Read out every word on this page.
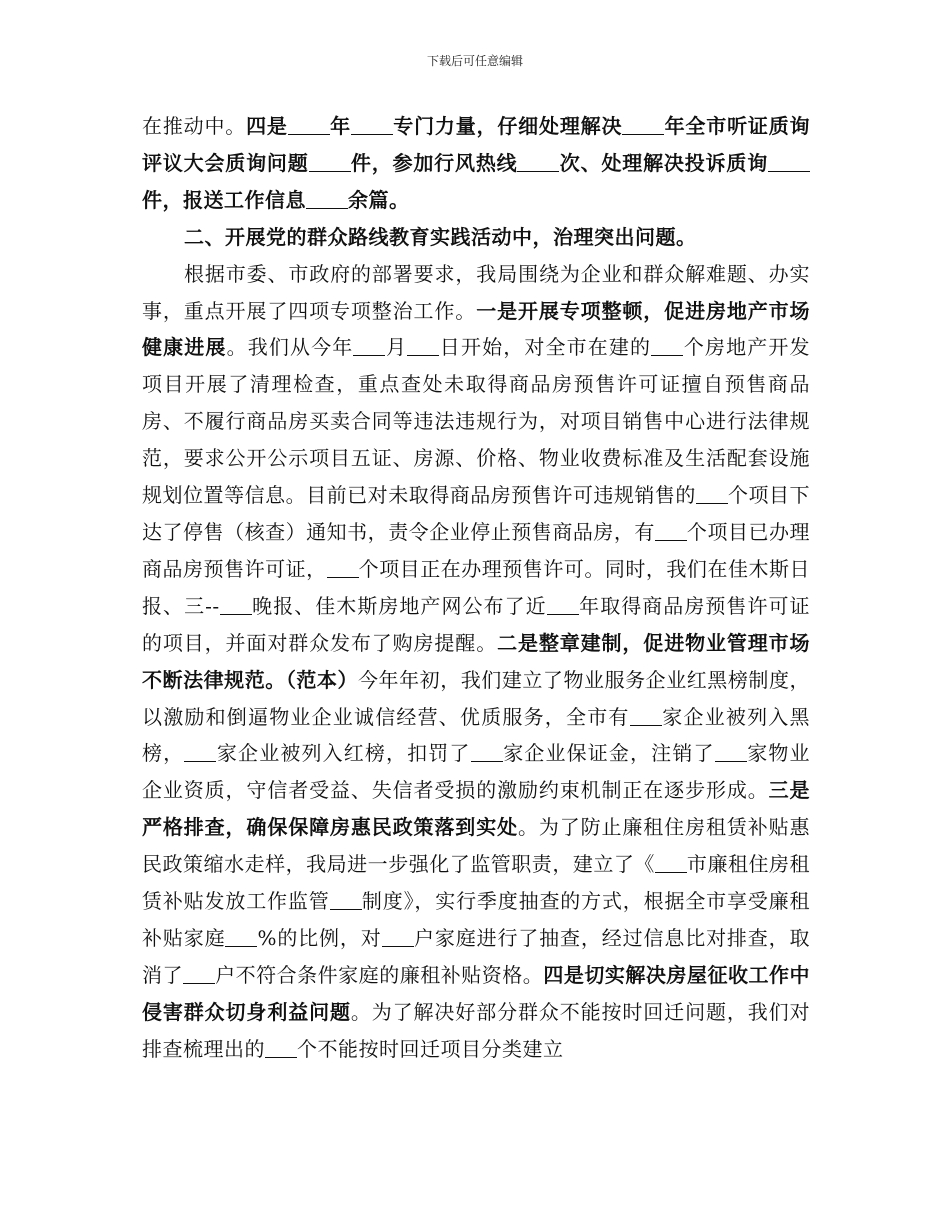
下载后可任意编辑

在推动中。四是 年 专门力量，仔细处理解决 年全市听证质询评议大会质询问题 件，参加行风热线 次、处理解决投诉质询件，报送工作信息 余篇。

二、开展党的群众路线教育实践活动中，治理突出问题。

根据市委、市政府的部署要求，我局围绕为企业和群众解难题、办实事，重点开展了四项专项整治工作。一是开展专项整顿，促进房地产市场健康进展。我们从今年 月 日开始，对全市在建的 个房地产开发项目开展了清理检查，重点查处未取得商品房预售许可证擅自预售商品房、不履行商品房买卖合同等违法违规行为，对项目销售中心进行法律规范，要求公开公示项目五证、房源、价格、物业收费标准及生活配套设施规划位置等信息。目前已对未取得商品房预售许可违规销售的 个项目下达了停售（核查）通知书，责令企业停止预售商品房，有 个项目已办理商品房预售许可证， 个项目正在办理预售许可。同时，我们在佳木斯日报、三-- 晚报、佳木斯房地产网公布了近 年取得商品房预售许可证的项目，并面对群众发布了购房提醒。二是整章建制，促进物业管理市场不断法律规范。（范本）今年年初，我们建立了物业服务企业红黑榜制度，以激励和倒逼物业企业诚信经营、优质服务，全市有 家企业被列入黑榜， 家企业被列入红榜，扣罚了 家企业保证金，注销了 家物业企业资质，守信者受益、失信者受损的激励约束机制正在逐步形成。三是严格排查，确保保障房惠民政策落到实处。为了防止廉租住房租赁补贴惠民政策缩水走样，我局进一步强化了监管职责，建立了《 市廉租住房租赁补贴发放工作监管 制度》，实行季度抽查的方式，根据全市享受廉租补贴家庭 %的比例，对 户家庭进行了抽查，经过信息比对排查，取消了 户不符合条件家庭的廉租补贴资格。四是切实解决房屋征收工作中侵害群众切身利益问题。为了解决好部分群众不能按时回迁问题，我们对排查梳理出的 个不能按时回迁项目分类建立
